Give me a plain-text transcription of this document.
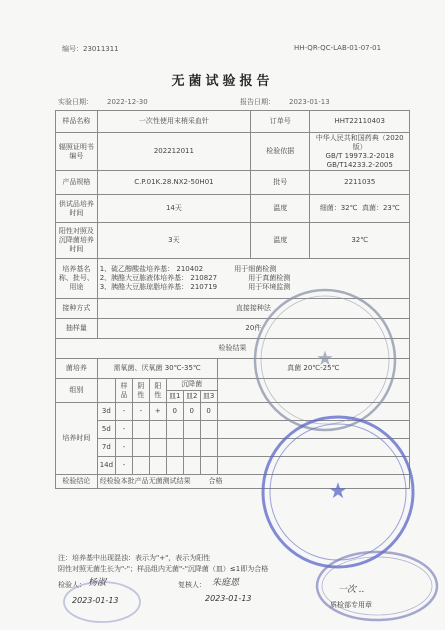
编号：23011311	HH-QR-QC-LAB-01-07-01
无菌试验报告
实验日期： 2022-12-30	报告日期： 2023-01-13
样品名称	一次性使用末梢采血针								订单号	HHT22110403
辐照证明书编号	202212011								检验依据	中华人民共和国药典（2020版）
GB/T 19973.2-2018
GB/T14233.2-2005

产品规格	C.P.01K.28.NX2-50H01								批号	2211035
供试品培养时间	14天								温度	细菌：32℃ 真菌：23℃
阳性对照及沉降菌培养时间	3天								温度	32℃
培养基名称、批号、用途	1、硫乙醇酸盐培养基： 210402 用于细菌检测
2、胰酪大豆胨液体培养基： 210827 用于真菌检测
3、胰酪大豆胨琼脂培养基： 210719 用于环境监测									

接种方式	直接接种法									
抽样量	20件									
检验结果										
菌培养	需氧菌、厌氧菌 30℃-35℃							真菌 20℃-25℃		
组别		样品	阴性	阳性	沉降菌					
					皿1	皿2	皿3			
培养时间	3d	-	-	+	0	0	0			
	5d	-								
	7d	-								
	14d	-								
检验结论	经检验本批产品无菌测试结果 合格									
注：培养基中出现混浊：表示为"+"，表示为阳性
阴性对照无菌生长为"-"；样品组内无菌"-"沉降菌（皿）≤1即为合格
检验人： 杨淑
2023-01-13
复核人： 朱庭恩
2023-01-13
一次 ..
质检部专用章
★
★
